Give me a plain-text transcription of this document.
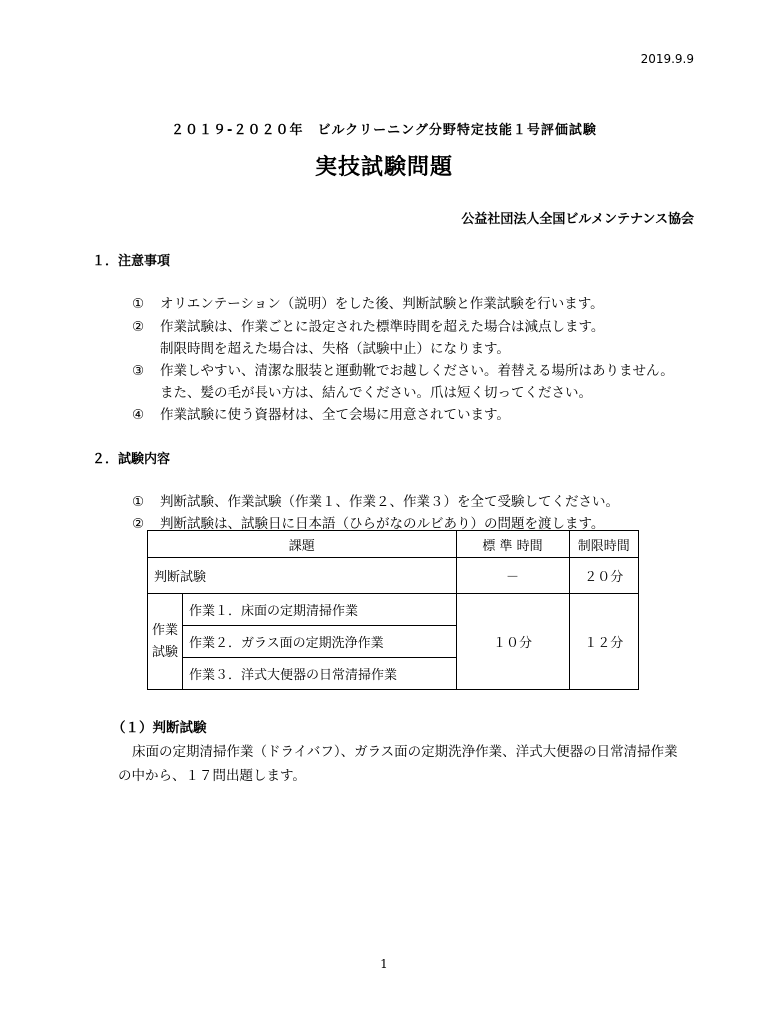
2019.9.9
２０１９-２０２０年　ビルクリーニング分野特定技能１号評価試験
実技試験問題
公益社団法人全国ビルメンテナンス協会
１．注意事項
① オリエンテーション（説明）をした後、判断試験と作業試験を行います。
② 作業試験は、作業ごとに設定された標準時間を超えた場合は減点します。
制限時間を超えた場合は、失格（試験中止）になります。
③ 作業しやすい、清潔な服装と運動靴でお越しください。着替える場所はありません。
また、髪の毛が長い方は、結んでください。爪は短く切ってください。
④ 作業試験に使う資器材は、全て会場に用意されています。
２．試験内容
① 判断試験、作業試験（作業１、作業２、作業３）を全て受験してください。
② 判断試験は、試験日に日本語（ひらがなのルビあり）の問題を渡します。
課題		標 準 時間	制限時間
判断試験		－	２０分

作業
試験	作業１．床面の定期清掃作業	１０分	１２分
	作業２．ガラス面の定期洗浄作業		
	作業３．洋式大便器の日常清掃作業		
（１）判断試験
床面の定期清掃作業（ドライバフ）、ガラス面の定期洗浄作業、洋式大便器の日常清掃作業
の中から、１７問出題します。
1
